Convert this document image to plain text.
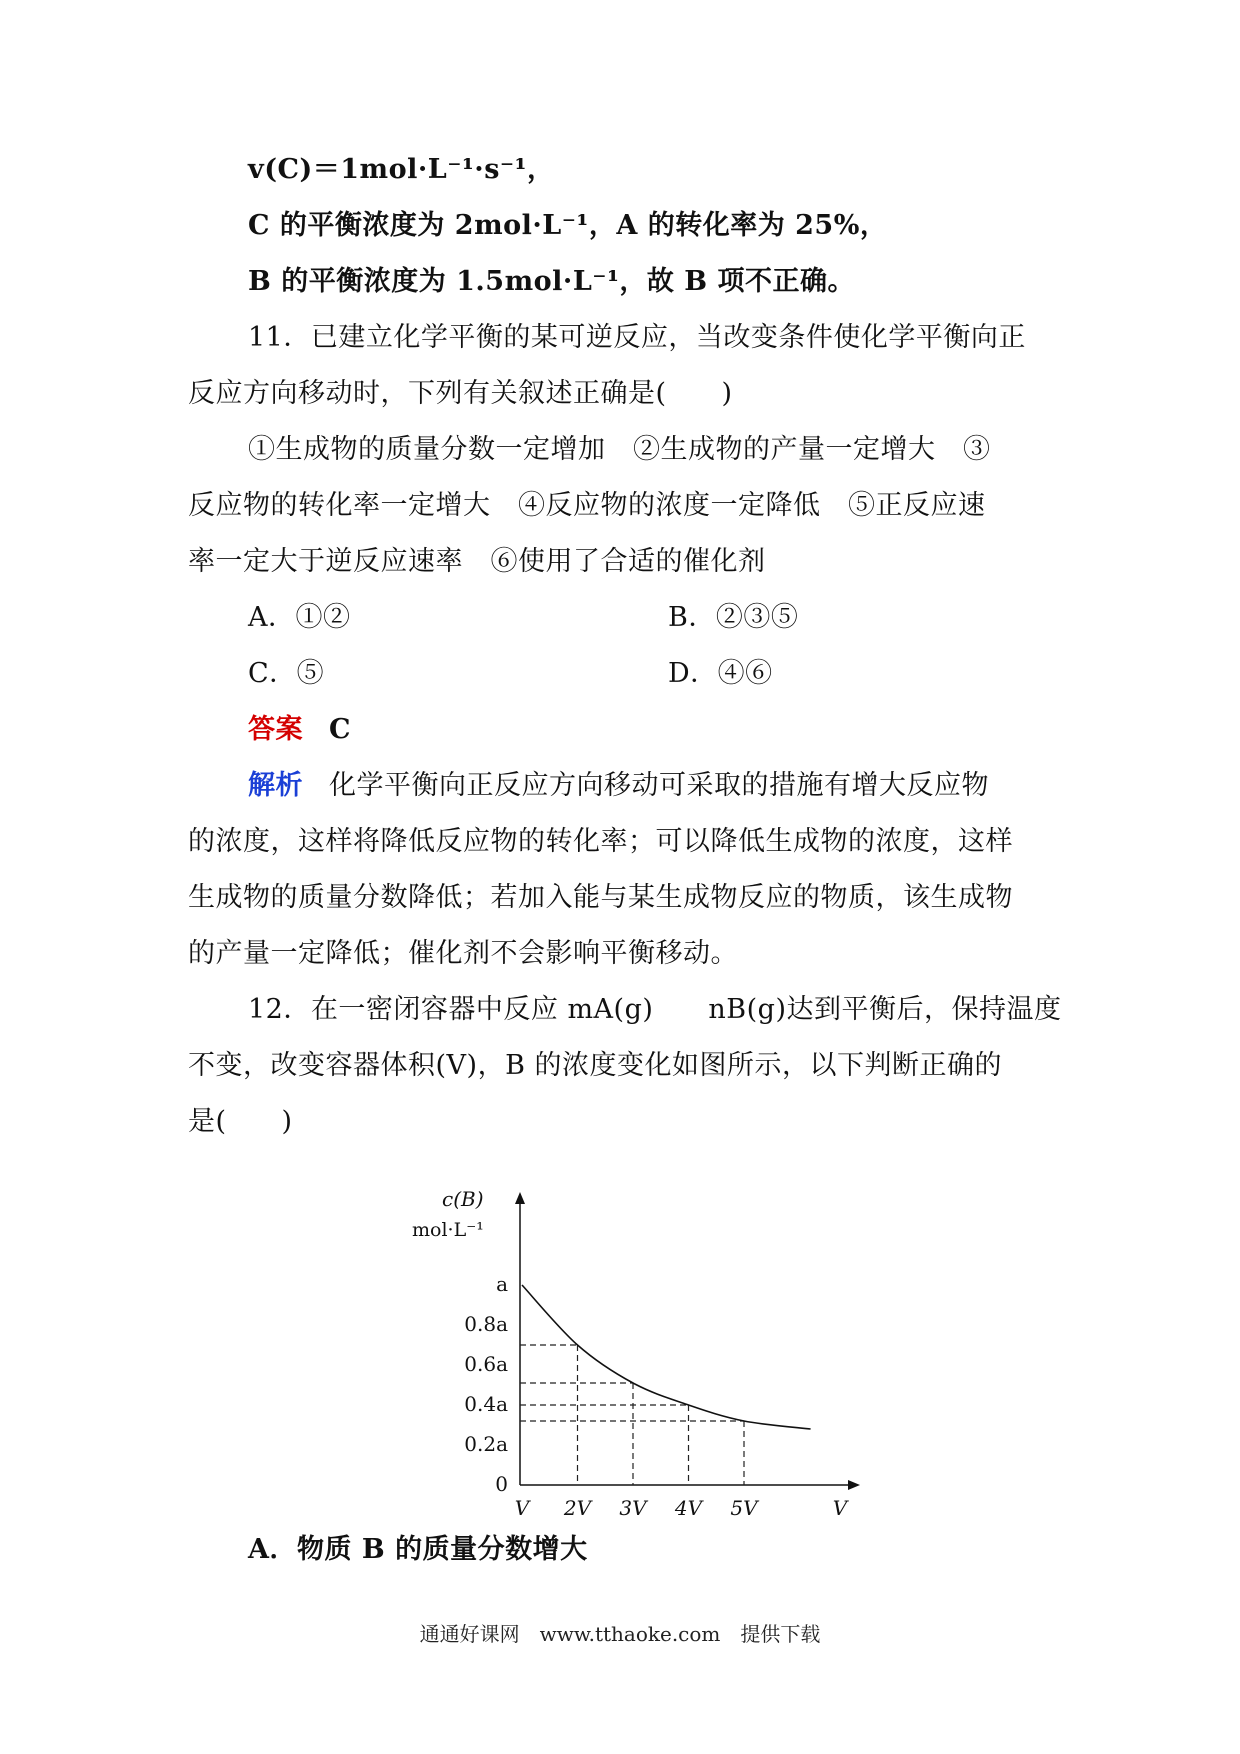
v(C)＝1mol·L⁻¹·s⁻¹，
C 的平衡浓度为 2mol·L⁻¹，A 的转化率为 25%，
B 的平衡浓度为 1.5mol·L⁻¹，故 B 项不正确。
11．已建立化学平衡的某可逆反应，当改变条件使化学平衡向正
反应方向移动时，下列有关叙述正确是(　　)
①生成物的质量分数一定增加　②生成物的产量一定增大　③
反应物的转化率一定增大　④反应物的浓度一定降低　⑤正反应速
率一定大于逆反应速率　⑥使用了合适的催化剂
A．①②	B．②③⑤
C．⑤	D．④⑥
答案 C
解析 化学平衡向正反应方向移动可采取的措施有增大反应物
的浓度，这样将降低反应物的转化率；可以降低生成物的浓度，这样
生成物的质量分数降低；若加入能与某生成物反应的物质，该生成物
的产量一定降低；催化剂不会影响平衡移动。
12．在一密闭容器中反应 mA(g)　　nB(g)达到平衡后，保持温度
不变，改变容器体积(V)，B 的浓度变化如图所示，以下判断正确的
是(　　)
c(B)
mol·L⁻¹
a
0.8a
0.6a
0.4a
0.2a
0
V 2V 3V 4V 5V	V
A．物质 B 的质量分数增大
通通好课网　www.tthaoke.com　提供下载
